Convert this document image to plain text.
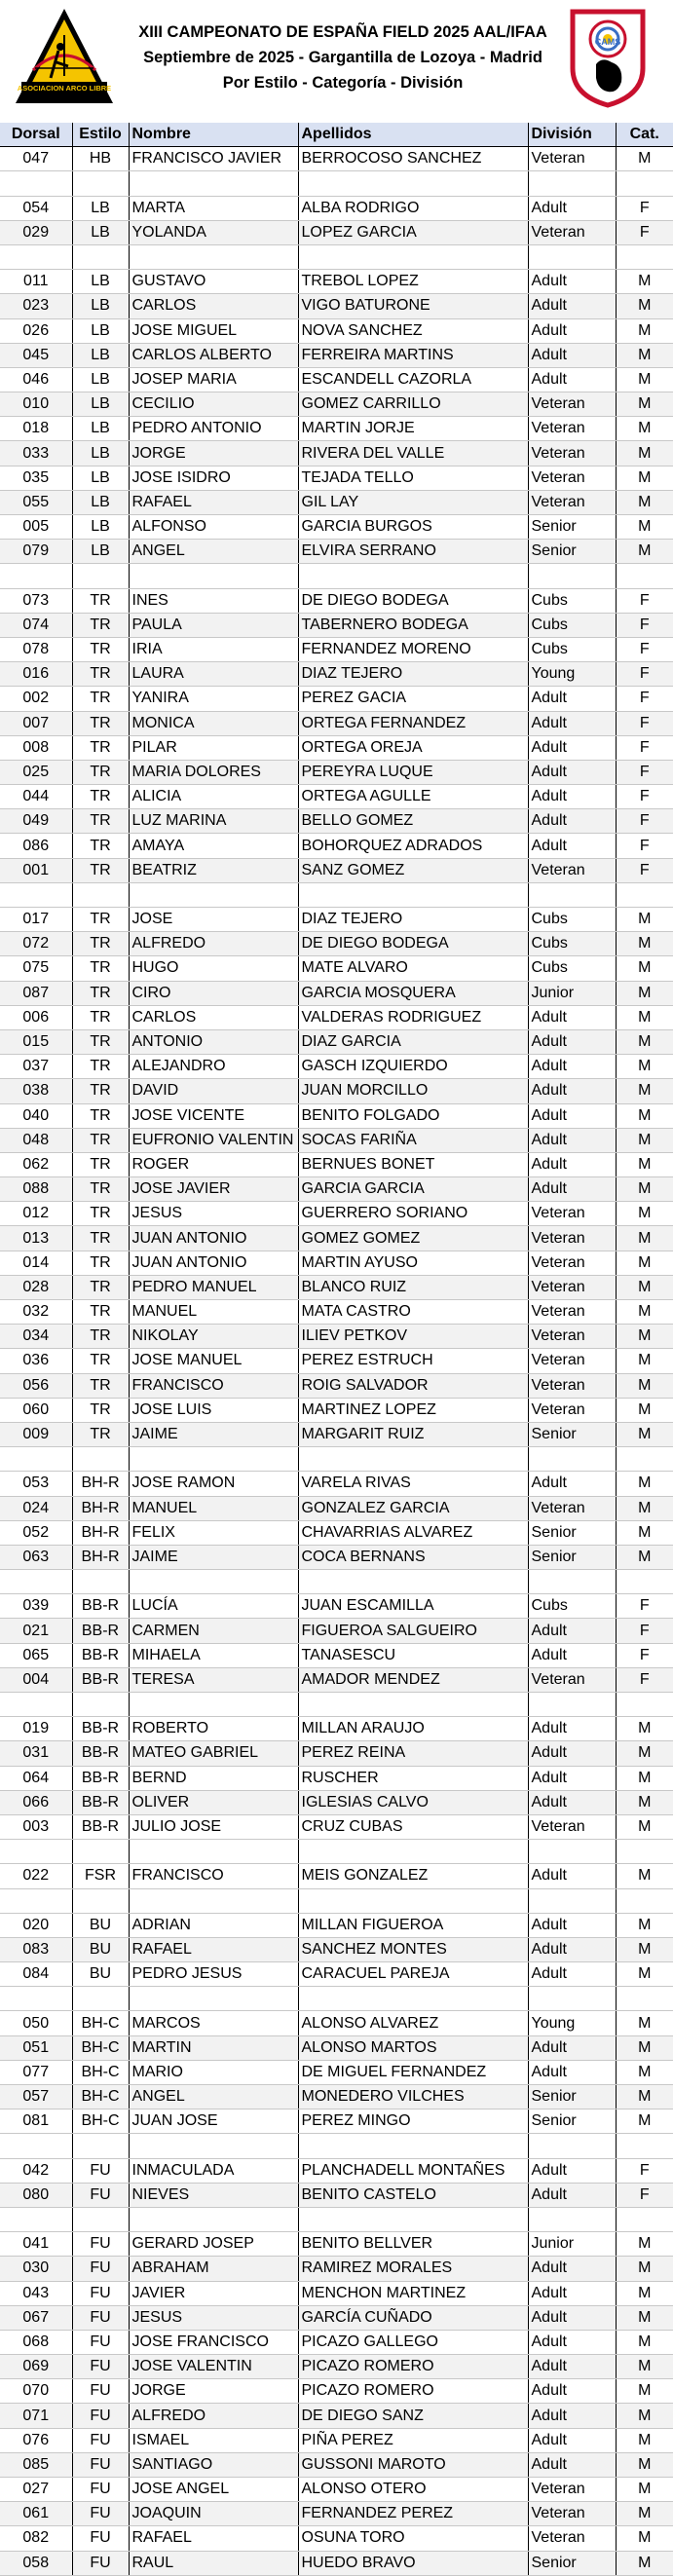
ASOCIACION ARCO LIBRE
XIII CAMPEONATO DE ESPAÑA FIELD 2025 AAL/IFAA
Septiembre de 2025 - Gargantilla de Lozoya - Madrid
Por Estilo - Categoría - División
CAMS
Dorsal	Estilo	Nombre	Apellidos	División	Cat.
047	HB	FRANCISCO JAVIER	BERROCOSO SANCHEZ	Veteran	M

054	LB	MARTA	ALBA RODRIGO	Adult	F
029	LB	YOLANDA	LOPEZ GARCIA	Veteran	F

011	LB	GUSTAVO	TREBOL LOPEZ	Adult	M
023	LB	CARLOS	VIGO BATURONE	Adult	M
026	LB	JOSE MIGUEL	NOVA SANCHEZ	Adult	M
045	LB	CARLOS ALBERTO	FERREIRA MARTINS	Adult	M
046	LB	JOSEP MARIA	ESCANDELL CAZORLA	Adult	M
010	LB	CECILIO	GOMEZ CARRILLO	Veteran	M
018	LB	PEDRO ANTONIO	MARTIN JORJE	Veteran	M
033	LB	JORGE	RIVERA DEL VALLE	Veteran	M
035	LB	JOSE ISIDRO	TEJADA TELLO	Veteran	M
055	LB	RAFAEL	GIL LAY	Veteran	M
005	LB	ALFONSO	GARCIA BURGOS	Senior	M
079	LB	ANGEL	ELVIRA SERRANO	Senior	M

073	TR	INES	DE DIEGO BODEGA	Cubs	F
074	TR	PAULA	TABERNERO BODEGA	Cubs	F
078	TR	IRIA	FERNANDEZ MORENO	Cubs	F
016	TR	LAURA	DIAZ TEJERO	Young	F
002	TR	YANIRA	PEREZ GACIA	Adult	F
007	TR	MONICA	ORTEGA FERNANDEZ	Adult	F
008	TR	PILAR	ORTEGA OREJA	Adult	F
025	TR	MARIA DOLORES	PEREYRA LUQUE	Adult	F
044	TR	ALICIA	ORTEGA AGULLE	Adult	F
049	TR	LUZ MARINA	BELLO GOMEZ	Adult	F
086	TR	AMAYA	BOHORQUEZ ADRADOS	Adult	F
001	TR	BEATRIZ	SANZ GOMEZ	Veteran	F

017	TR	JOSE	DIAZ TEJERO	Cubs	M
072	TR	ALFREDO	DE DIEGO BODEGA	Cubs	M
075	TR	HUGO	MATE ALVARO	Cubs	M
087	TR	CIRO	GARCIA MOSQUERA	Junior	M
006	TR	CARLOS	VALDERAS RODRIGUEZ	Adult	M
015	TR	ANTONIO	DIAZ GARCIA	Adult	M
037	TR	ALEJANDRO	GASCH IZQUIERDO	Adult	M
038	TR	DAVID	JUAN MORCILLO	Adult	M
040	TR	JOSE VICENTE	BENITO FOLGADO	Adult	M
048	TR	EUFRONIO VALENTIN	SOCAS FARIÑA	Adult	M
062	TR	ROGER	BERNUES BONET	Adult	M
088	TR	JOSE JAVIER	GARCIA GARCIA	Adult	M
012	TR	JESUS	GUERRERO SORIANO	Veteran	M
013	TR	JUAN ANTONIO	GOMEZ GOMEZ	Veteran	M
014	TR	JUAN ANTONIO	MARTIN AYUSO	Veteran	M
028	TR	PEDRO MANUEL	BLANCO RUIZ	Veteran	M
032	TR	MANUEL	MATA CASTRO	Veteran	M
034	TR	NIKOLAY	ILIEV PETKOV	Veteran	M
036	TR	JOSE MANUEL	PEREZ ESTRUCH	Veteran	M
056	TR	FRANCISCO	ROIG SALVADOR	Veteran	M
060	TR	JOSE LUIS	MARTINEZ LOPEZ	Veteran	M
009	TR	JAIME	MARGARIT RUIZ	Senior	M

053	BH-R	JOSE RAMON	VARELA RIVAS	Adult	M
024	BH-R	MANUEL	GONZALEZ GARCIA	Veteran	M
052	BH-R	FELIX	CHAVARRIAS ALVAREZ	Senior	M
063	BH-R	JAIME	COCA BERNANS	Senior	M

039	BB-R	LUCÍA	JUAN ESCAMILLA	Cubs	F
021	BB-R	CARMEN	FIGUEROA SALGUEIRO	Adult	F
065	BB-R	MIHAELA	TANASESCU	Adult	F
004	BB-R	TERESA	AMADOR MENDEZ	Veteran	F

019	BB-R	ROBERTO	MILLAN ARAUJO	Adult	M
031	BB-R	MATEO GABRIEL	PEREZ REINA	Adult	M
064	BB-R	BERND	RUSCHER	Adult	M
066	BB-R	OLIVER	IGLESIAS CALVO	Adult	M
003	BB-R	JULIO JOSE	CRUZ CUBAS	Veteran	M

022	FSR	FRANCISCO	MEIS GONZALEZ	Adult	M

020	BU	ADRIAN	MILLAN FIGUEROA	Adult	M
083	BU	RAFAEL	SANCHEZ MONTES	Adult	M
084	BU	PEDRO JESUS	CARACUEL PAREJA	Adult	M

050	BH-C	MARCOS	ALONSO ALVAREZ	Young	M
051	BH-C	MARTIN	ALONSO MARTOS	Adult	M
077	BH-C	MARIO	DE MIGUEL FERNANDEZ	Adult	M
057	BH-C	ANGEL	MONEDERO VILCHES	Senior	M
081	BH-C	JUAN JOSE	PEREZ MINGO	Senior	M

042	FU	INMACULADA	PLANCHADELL MONTAÑES	Adult	F
080	FU	NIEVES	BENITO CASTELO	Adult	F

041	FU	GERARD JOSEP	BENITO BELLVER	Junior	M
030	FU	ABRAHAM	RAMIREZ MORALES	Adult	M
043	FU	JAVIER	MENCHON MARTINEZ	Adult	M
067	FU	JESUS	GARCÍA CUÑADO	Adult	M
068	FU	JOSE FRANCISCO	PICAZO GALLEGO	Adult	M
069	FU	JOSE VALENTIN	PICAZO ROMERO	Adult	M
070	FU	JORGE	PICAZO ROMERO	Adult	M
071	FU	ALFREDO	DE DIEGO SANZ	Adult	M
076	FU	ISMAEL	PIÑA PEREZ	Adult	M
085	FU	SANTIAGO	GUSSONI MAROTO	Adult	M
027	FU	JOSE ANGEL	ALONSO OTERO	Veteran	M
061	FU	JOAQUIN	FERNANDEZ PEREZ	Veteran	M
082	FU	RAFAEL	OSUNA TORO	Veteran	M
058	FU	RAUL	HUEDO BRAVO	Senior	M
